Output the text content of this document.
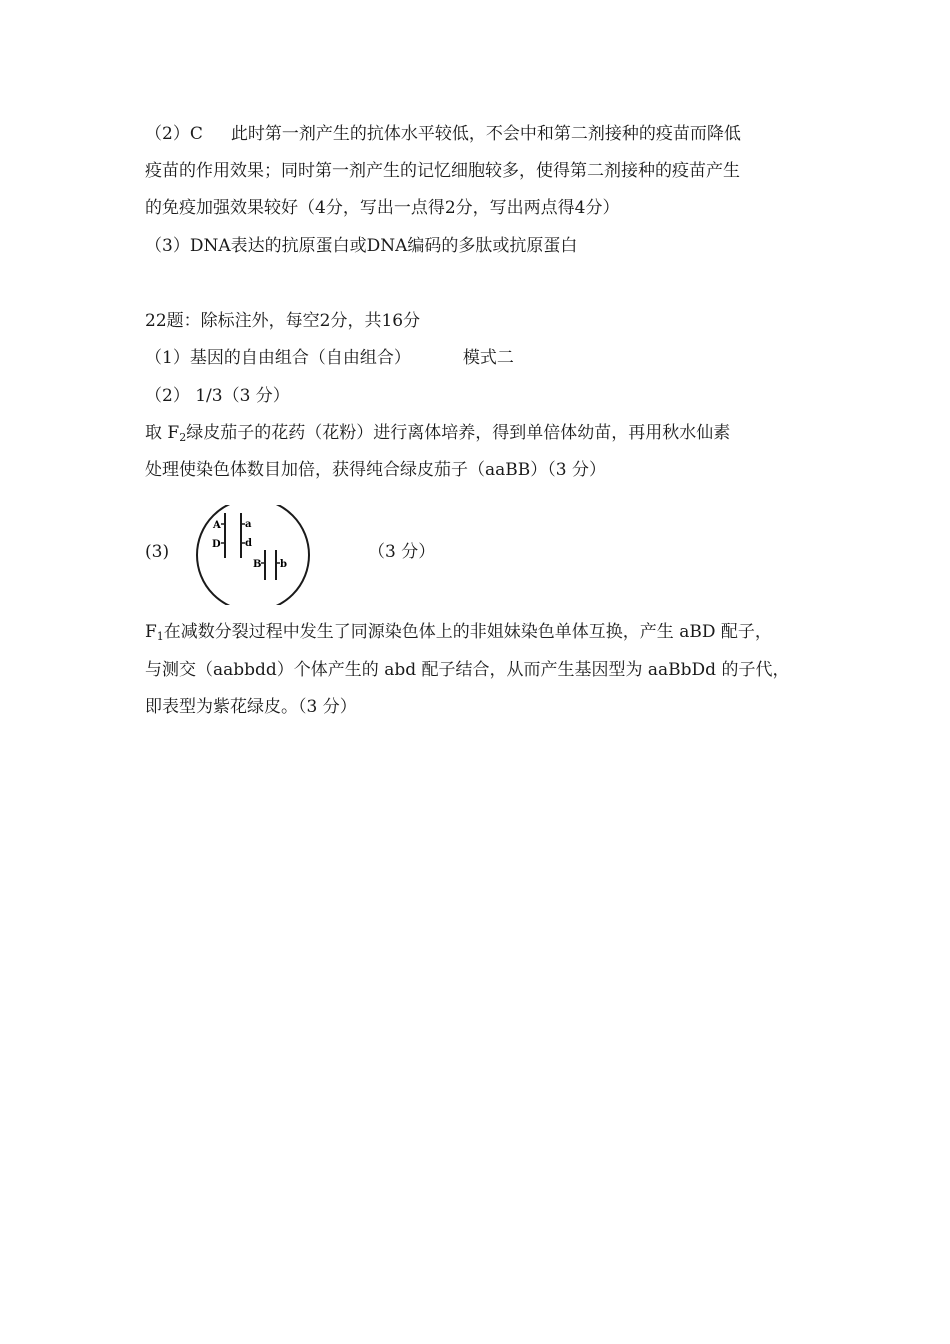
（2）C 此时第一剂产生的抗体水平较低，不会中和第二剂接种的疫苗而降低
疫苗的作用效果；同时第一剂产生的记忆细胞较多，使得第二剂接种的疫苗产生
的免疫加强效果较好（4分，写出一点得2分，写出两点得4分）
（3）DNA表达的抗原蛋白或DNA编码的多肽或抗原蛋白
22题：除标注外，每空2分，共16分
（1）基因的自由组合（自由组合）	模式二
（2） 1/3（3 分）
取 $F_2$绿皮茄子的花药（花粉）进行离体培养，得到单倍体幼苗，再用秋水仙素
处理使染色体数目加倍，获得纯合绿皮茄子（aaBB）（3 分）
(3)	（3 分）
A a
D d
B b
$F_1$在减数分裂过程中发生了同源染色体上的非姐妹染色单体互换，产生 aBD 配子，
与测交（aabbdd）个体产生的 abd 配子结合，从而产生基因型为 aaBbDd 的子代，
即表型为紫花绿皮。（3 分）
